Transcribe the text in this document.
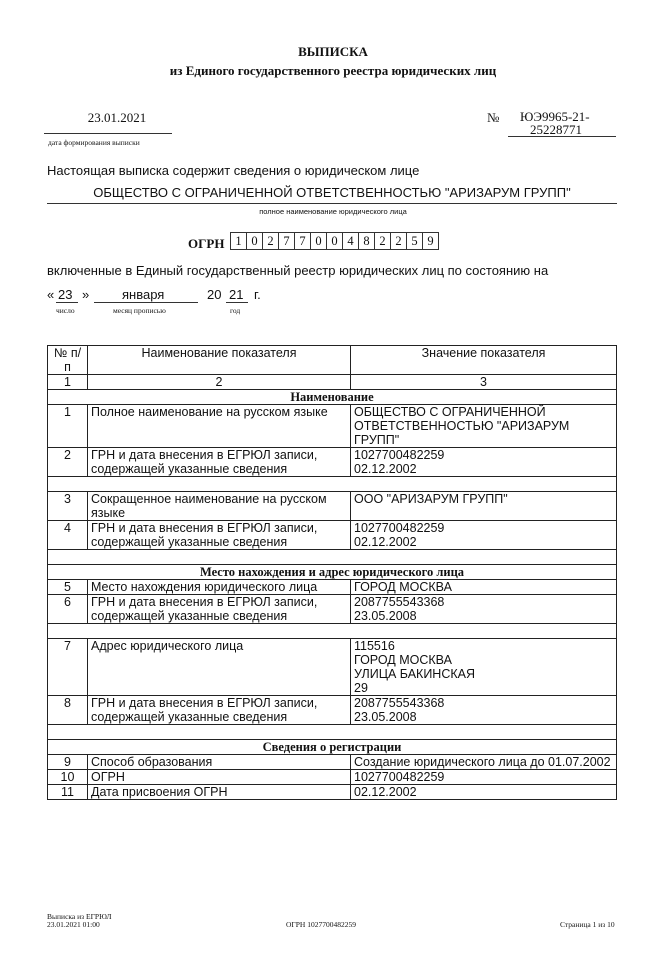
ВЫПИСКА
из Единого государственного реестра юридических лиц
23.01.2021
дата формирования выписки
№ ЮЭ9965-21-
25228771
Настоящая выписка содержит сведения о юридическом лице
ОБЩЕСТВО С ОГРАНИЧЕННОЙ ОТВЕТСТВЕННОСТЬЮ "АРИЗАРУМ ГРУПП"
полное наименование юридического лица
ОГРН 1 0 2 7 7 0 0 4 8 2 2 5 9
включенные в Единый государственный реестр юридических лиц по состоянию на
« 23 »	января	20 21 г.
число	месяц прописью	год
№ п/п	Наименование показателя	Значение показателя
1	2	3
Наименование		
1	Полное наименование на русском языке	ОБЩЕСТВО С ОГРАНИЧЕННОЙ ОТВЕТСТВЕННОСТЬЮ "АРИЗАРУМ ГРУПП"
2	ГРН и дата внесения в ЕГРЮЛ записи, содержащей указанные сведения	1027700482259
02.12.2002

3	Сокращенное наименование на русском языке	ООО "АРИЗАРУМ ГРУПП"
4	ГРН и дата внесения в ЕГРЮЛ записи, содержащей указанные сведения	1027700482259
02.12.2002

Место нахождения и адрес юридического лица		
5	Место нахождения юридического лица	ГОРОД МОСКВА
6	ГРН и дата внесения в ЕГРЮЛ записи, содержащей указанные сведения	2087755543368
23.05.2008

7	Адрес юридического лица	115516
ГОРОД МОСКВА
УЛИЦА БАКИНСКАЯ
29
8	ГРН и дата внесения в ЕГРЮЛ записи, содержащей указанные сведения	2087755543368
23.05.2008

Сведения о регистрации		
9	Способ образования	Создание юридического лица до 01.07.2002
10	ОГРН	1027700482259
11	Дата присвоения ОГРН	02.12.2002
Выписка из ЕГРЮЛ
23.01.2021 01:00	ОГРН 1027700482259	Страница 1 из 10
